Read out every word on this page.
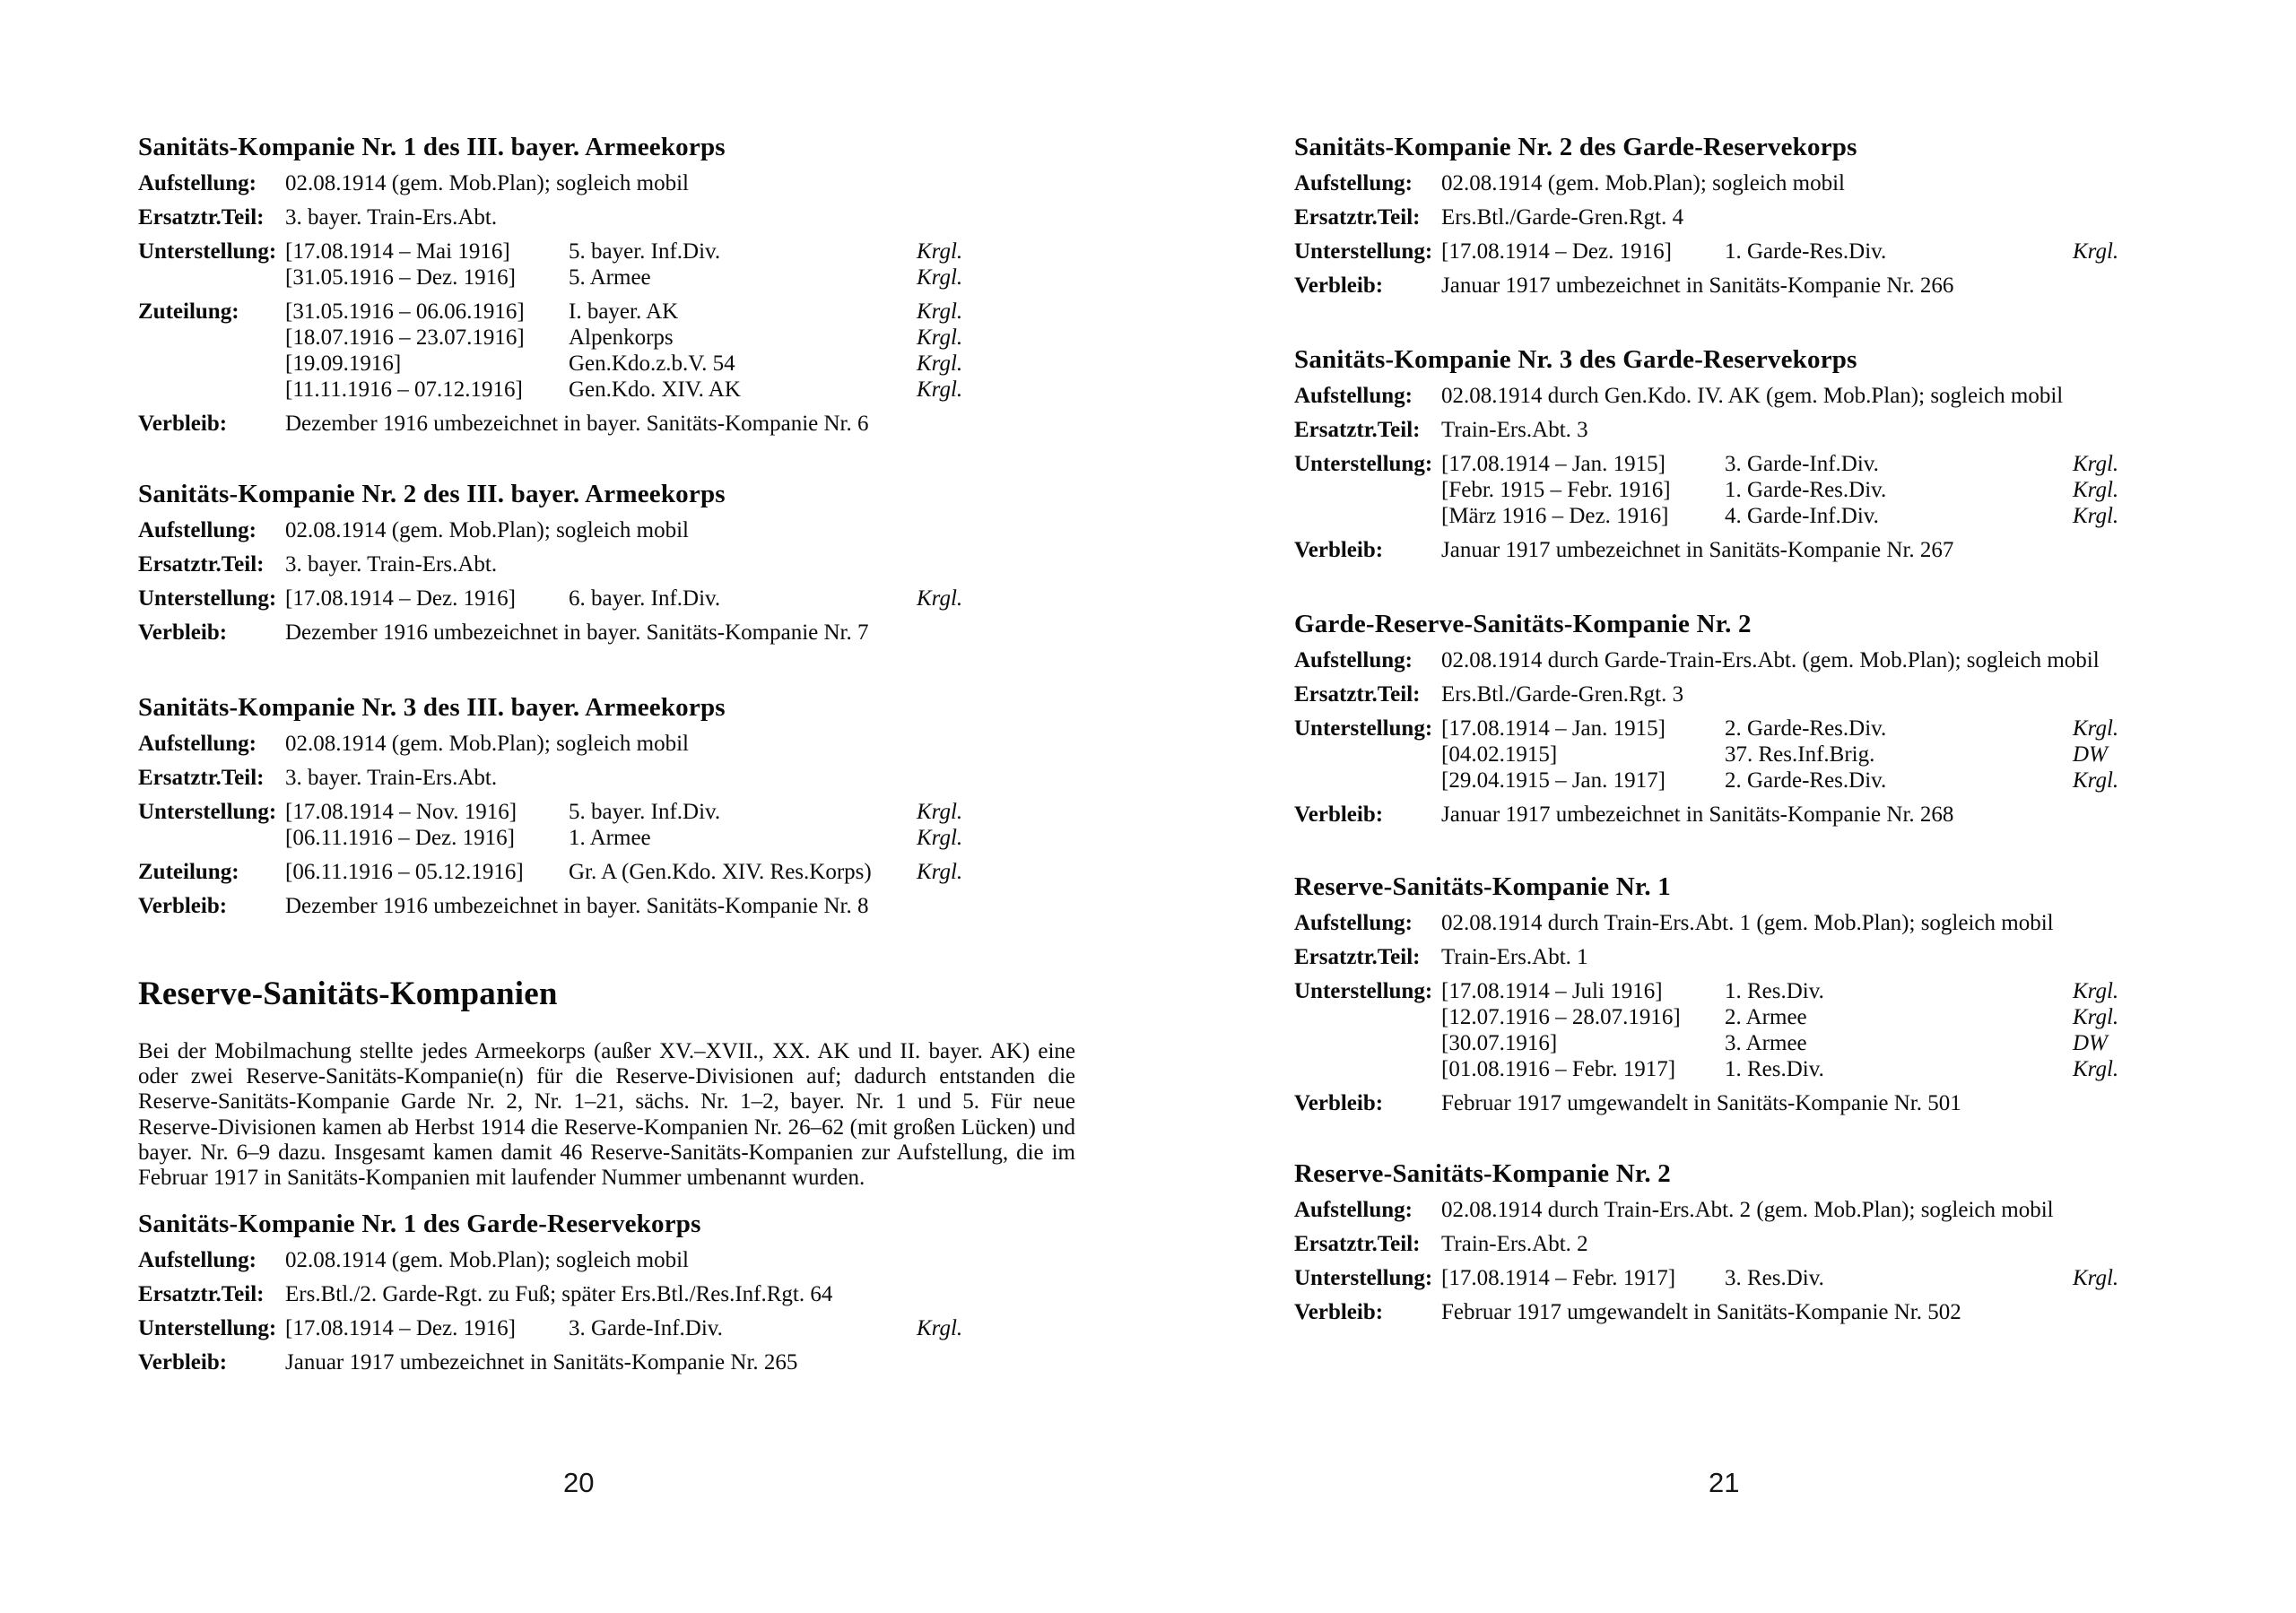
Sanitäts-Kompanie Nr. 1 des III. bayer. Armeekorps
Aufstellung:	02.08.1914 (gem. Mob.Plan); sogleich mobil
Ersatztr.Teil: 3. bayer. Train-Ers.Abt.
Unterstellung: [17.08.1914 – Mai 1916]	5. bayer. Inf.Div.	Krgl.
[31.05.1916 – Dez. 1916]	5. Armee	Krgl.
Zuteilung:	[31.05.1916 – 06.06.1916]	I. bayer. AK	Krgl.
[18.07.1916 – 23.07.1916]	Alpenkorps	Krgl.
[19.09.1916]	Gen.Kdo.z.b.V. 54	Krgl.
[11.11.1916 – 07.12.1916]	Gen.Kdo. XIV. AK	Krgl.
Verbleib:	Dezember 1916 umbezeichnet in bayer. Sanitäts-Kompanie Nr. 6
Sanitäts-Kompanie Nr. 2 des III. bayer. Armeekorps
Aufstellung:	02.08.1914 (gem. Mob.Plan); sogleich mobil
Ersatztr.Teil: 3. bayer. Train-Ers.Abt.
Unterstellung: [17.08.1914 – Dez. 1916]	6. bayer. Inf.Div.	Krgl.
Verbleib:	Dezember 1916 umbezeichnet in bayer. Sanitäts-Kompanie Nr. 7
Sanitäts-Kompanie Nr. 3 des III. bayer. Armeekorps
Aufstellung:	02.08.1914 (gem. Mob.Plan); sogleich mobil
Ersatztr.Teil: 3. bayer. Train-Ers.Abt.
Unterstellung: [17.08.1914 – Nov. 1916]	5. bayer. Inf.Div.	Krgl.
[06.11.1916 – Dez. 1916]	1. Armee	Krgl.
Zuteilung:	[06.11.1916 – 05.12.1916]	Gr. A (Gen.Kdo. XIV. Res.Korps)	Krgl.
Verbleib:	Dezember 1916 umbezeichnet in bayer. Sanitäts-Kompanie Nr. 8
Reserve-Sanitäts-Kompanien

Bei der Mobilmachung stellte jedes Armeekorps (außer XV.–XVII., XX. AK und II. bayer. AK) eine oder zwei Reserve-Sanitäts-Kompanie(n) für die Reserve-Divisionen auf; dadurch entstanden die Reserve-Sanitäts-Kompanie Garde Nr. 2, Nr. 1–21, sächs. Nr. 1–2, bayer. Nr. 1 und 5. Für neue Reserve-Divisionen kamen ab Herbst 1914 die Reserve-Kompanien Nr. 26–62 (mit großen Lücken) und bayer. Nr. 6–9 dazu. Insgesamt kamen damit 46 Reserve-Sanitäts-Kompanien zur Aufstellung, die im Februar 1917 in Sanitäts-Kompanien mit laufender Nummer umbenannt wurden.

Sanitäts-Kompanie Nr. 1 des Garde-Reservekorps
Aufstellung:	02.08.1914 (gem. Mob.Plan); sogleich mobil
Ersatztr.Teil: Ers.Btl./2. Garde-Rgt. zu Fuß; später Ers.Btl./Res.Inf.Rgt. 64
Unterstellung: [17.08.1914 – Dez. 1916]	3. Garde-Inf.Div.	Krgl.
Verbleib:	Januar 1917 umbezeichnet in Sanitäts-Kompanie Nr. 265
20
Sanitäts-Kompanie Nr. 2 des Garde-Reservekorps
Aufstellung:	02.08.1914 (gem. Mob.Plan); sogleich mobil
Ersatztr.Teil: Ers.Btl./Garde-Gren.Rgt. 4
Unterstellung: [17.08.1914 – Dez. 1916]	1. Garde-Res.Div.	Krgl.
Verbleib:	Januar 1917 umbezeichnet in Sanitäts-Kompanie Nr. 266
Sanitäts-Kompanie Nr. 3 des Garde-Reservekorps
Aufstellung:	02.08.1914 durch Gen.Kdo. IV. AK (gem. Mob.Plan); sogleich mobil
Ersatztr.Teil: Train-Ers.Abt. 3
Unterstellung: [17.08.1914 – Jan. 1915]	3. Garde-Inf.Div.	Krgl.
[Febr. 1915 – Febr. 1916]	1. Garde-Res.Div.	Krgl.
[März 1916 – Dez. 1916]	4. Garde-Inf.Div.	Krgl.
Verbleib:	Januar 1917 umbezeichnet in Sanitäts-Kompanie Nr. 267
Garde-Reserve-Sanitäts-Kompanie Nr. 2
Aufstellung:	02.08.1914 durch Garde-Train-Ers.Abt. (gem. Mob.Plan); sogleich mobil
Ersatztr.Teil: Ers.Btl./Garde-Gren.Rgt. 3
Unterstellung: [17.08.1914 – Jan. 1915]	2. Garde-Res.Div.	Krgl.
[04.02.1915]	37. Res.Inf.Brig.	DW
[29.04.1915 – Jan. 1917]	2. Garde-Res.Div.	Krgl.
Verbleib:	Januar 1917 umbezeichnet in Sanitäts-Kompanie Nr. 268
Reserve-Sanitäts-Kompanie Nr. 1
Aufstellung:	02.08.1914 durch Train-Ers.Abt. 1 (gem. Mob.Plan); sogleich mobil
Ersatztr.Teil: Train-Ers.Abt. 1
Unterstellung: [17.08.1914 – Juli 1916]	1. Res.Div.	Krgl.
[12.07.1916 – 28.07.1916]	2. Armee	Krgl.
[30.07.1916]	3. Armee	DW
[01.08.1916 – Febr. 1917]	1. Res.Div.	Krgl.
Verbleib:	Februar 1917 umgewandelt in Sanitäts-Kompanie Nr. 501
Reserve-Sanitäts-Kompanie Nr. 2
Aufstellung:	02.08.1914 durch Train-Ers.Abt. 2 (gem. Mob.Plan); sogleich mobil
Ersatztr.Teil: Train-Ers.Abt. 2
Unterstellung: [17.08.1914 – Febr. 1917]	3. Res.Div.	Krgl.
Verbleib:	Februar 1917 umgewandelt in Sanitäts-Kompanie Nr. 502
21
